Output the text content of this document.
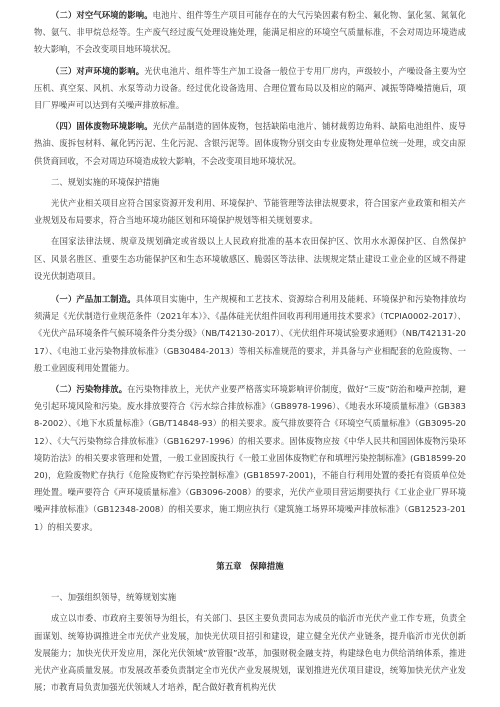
（二）对空气环境的影响。电池片、组件等生产项目可能存在的大气污染因素有粉尘、氟化物、氯化氢、氮氧化物、氨气、非甲烷总烃等。生产废气经过废气处理设施处理，能满足相应的环境空气质量标准，不会对周边环境造成较大影响，不会改变项目地环境状况。

（三）对声环境的影响。光伏电池片、组件等生产加工设备一般位于专用厂房内，声级较小，产噪设备主要为空压机、真空泵、风机、水泵等动力设备。经过优化设备选用、合理位置布局以及相应的隔声、减振等降噪措施后，项目厂界噪声可以达到有关噪声排放标准。

（四）固体废物环境影响。光伏产品制造的固体废物，包括缺陷电池片、铺材裁剪边角料、缺陷电池组件、废导热油、废拆包材料、氟化钙污泥、生化污泥、含银污泥等。固体废物分别交由专业废物处理单位统一处理，或交由原供货商回收，不会对周边环境造成较大影响，不会改变项目地环境状况。

二、规划实施的环境保护措施

光伏产业相关项目应符合国家资源开发利用、环境保护、节能管理等法律法规要求，符合国家产业政策和相关产业规划及布局要求，符合当地环境功能区划和环境保护规划等相关规划要求。

在国家法律法规、规章及规划确定或省级以上人民政府批准的基本农田保护区、饮用水水源保护区、自然保护区、风景名胜区、重要生态功能保护区和生态环境敏感区、脆弱区等法律、法规规定禁止建设工业企业的区域不得建设光伏制造项目。

（一）产品加工制造。具体项目实施中，生产规模和工艺技术、资源综合利用及能耗、环境保护和污染物排放均须满足《光伏制造行业规范条件（2021年本）》、《晶体硅光伏组件回收再利用通用技术要求》（TCPIA0002-2017）、《光伏产品环境条件气候环境条件分类分级》（NB/T42130-2017）、《光伏组件环境试验要求通则》（NB/T42131-2017）、《电池工业污染物排放标准》（GB30484-2013）等相关标准规范的要求，并具备与产业相配套的危险废物、一般工业固废利用处置能力。

（二）污染物排放。在污染物排放上，光伏产业要严格落实环境影响评价制度，做好“三废”防治和噪声控制，避免引起环境风险和污染。废水排放要符合《污水综合排放标准》（GB8978-1996）、《地表水环境质量标准》（GB3838-2002）、《地下水质量标准》（GB/T14848-93）的相关要求。废气排放要符合《环境空气质量标准》（GB3095-2012）、《大气污染物综合排放标准》（GB16297-1996）的相关要求。固体废物应按《中华人民共和国固体废物污染环境防治法》的相关要求管理和处置，一般工业固废执行《一般工业固体废物贮存和填埋污染控制标准》(GB18599-2020)，危险废物贮存执行《危险废物贮存污染控制标准》(GB18597-2001)，不能自行利用处置的委托有资质单位处理处置。噪声要符合《声环境质量标准》（GB3096-2008）的要求，光伏产业项目营运期要执行《工业企业厂界环境噪声排放标准》（GB12348-2008）的相关要求，施工期应执行《建筑施工场界环境噪声排放标准》（GB12523-2011）的相关要求。

第五章　保障措施

一、加强组织领导，统筹规划实施

成立以市委、市政府主要领导为组长，有关部门、县区主要负责同志为成员的临沂市光伏产业工作专班，负责全面谋划、统筹协调推进全市光伏产业发展，加快光伏项目招引和建设，建立健全光伏产业链条，提升临沂市光伏创新发展能力；加快光伏开发应用，深化光伏领域“放管服”改革，加强财税金融支持，构建绿色电力供给消纳体系，推进光伏产业高质量发展。市发展改革委负责制定全市光伏产业发展规划，谋划推进光伏项目建设，统筹加快光伏产业发展；市教育局负责加强光伏领域人才培养，配合做好教育机构光伏
